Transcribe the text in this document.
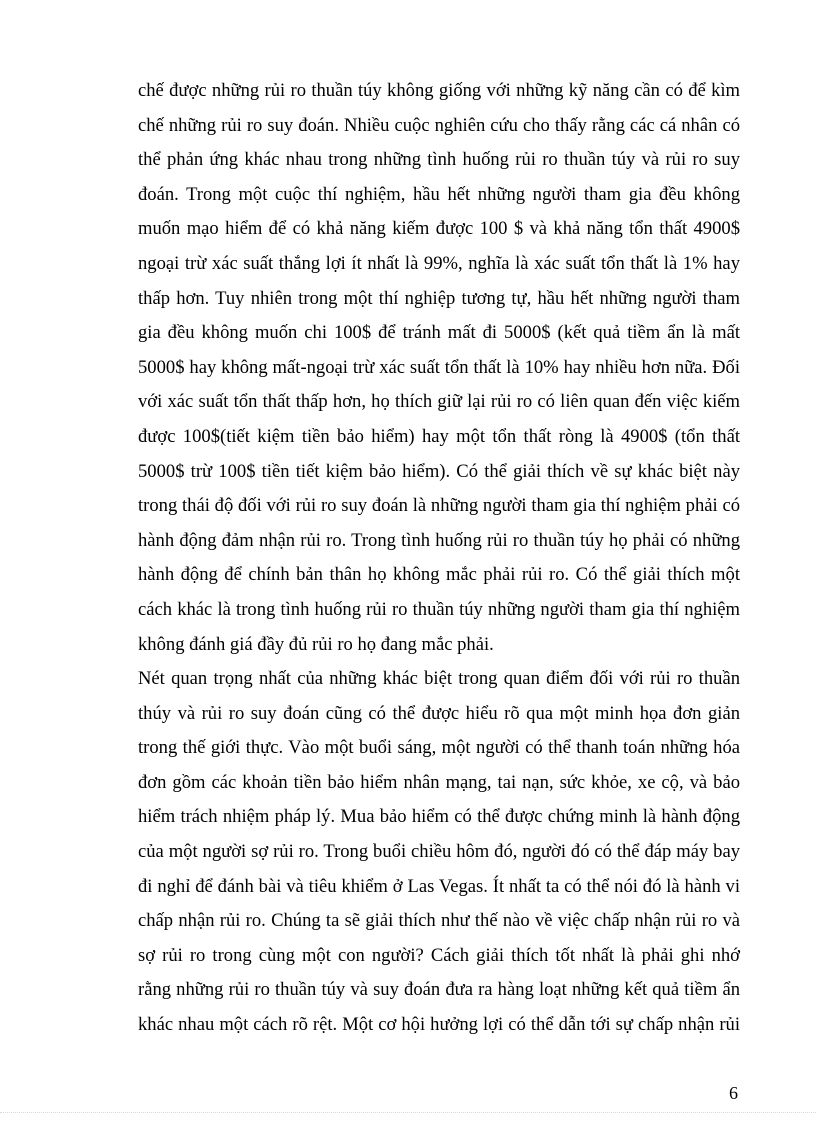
chế được những rủi ro thuần túy không giống với những kỹ năng cần có để kìm
chế những rủi ro suy đoán. Nhiều cuộc nghiên cứu cho thấy rằng các cá nhân có
thể phản ứng khác nhau trong những tình huống rủi ro thuần túy và rủi ro suy
đoán. Trong một cuộc thí nghiệm, hầu hết những người tham gia đều không
muốn mạo hiểm để có khả năng kiếm được 100 $ và khả năng tổn thất 4900$
ngoại trừ xác suất thắng lợi ít nhất là 99%, nghĩa là xác suất tổn thất là 1% hay
thấp hơn. Tuy nhiên trong một thí nghiệp tương tự, hầu hết những người tham
gia đều không muốn chi 100$ để tránh mất đi 5000$ (kết quả tiềm ẩn là mất
5000$ hay không mất-ngoại trừ xác suất tổn thất là 10% hay nhiều hơn nữa. Đối
với xác suất tổn thất thấp hơn, họ thích giữ lại rủi ro có liên quan đến việc kiếm
được 100$(tiết kiệm tiền bảo hiểm) hay một tổn thất ròng là 4900$ (tổn thất
5000$ trừ 100$ tiền tiết kiệm bảo hiểm). Có thể giải thích về sự khác biệt này
trong thái độ đối với rủi ro suy đoán là những người tham gia thí nghiệm phải có
hành động đảm nhận rủi ro. Trong tình huống rủi ro thuần túy họ phải có những
hành động để chính bản thân họ không mắc phải rủi ro. Có thể giải thích một
cách khác là trong tình huống rủi ro thuần túy những người tham gia thí nghiệm
không đánh giá đầy đủ rủi ro họ đang mắc phải.
Nét quan trọng nhất của những khác biệt trong quan điểm đối với rủi ro thuần
thúy và rủi ro suy đoán cũng có thể được hiểu rõ qua một minh họa đơn giản
trong thế giới thực. Vào một buổi sáng, một người có thể thanh toán những hóa
đơn gồm các khoản tiền bảo hiểm nhân mạng, tai nạn, sức khỏe, xe cộ, và bảo
hiểm trách nhiệm pháp lý. Mua bảo hiểm có thể được chứng minh là hành động
của một người sợ rủi ro. Trong buổi chiều hôm đó, người đó có thể đáp máy bay
đi nghỉ để đánh bài và tiêu khiểm ở Las Vegas. Ít nhất ta có thể nói đó là hành vi
chấp nhận rủi ro. Chúng ta sẽ giải thích như thế nào về việc chấp nhận rủi ro và
sợ rủi ro trong cùng một con người? Cách giải thích tốt nhất là phải ghi nhớ
rằng những rủi ro thuần túy và suy đoán đưa ra hàng loạt những kết quả tiềm ẩn
khác nhau một cách rõ rệt. Một cơ hội hưởng lợi có thể dẫn tới sự chấp nhận rủi
6
